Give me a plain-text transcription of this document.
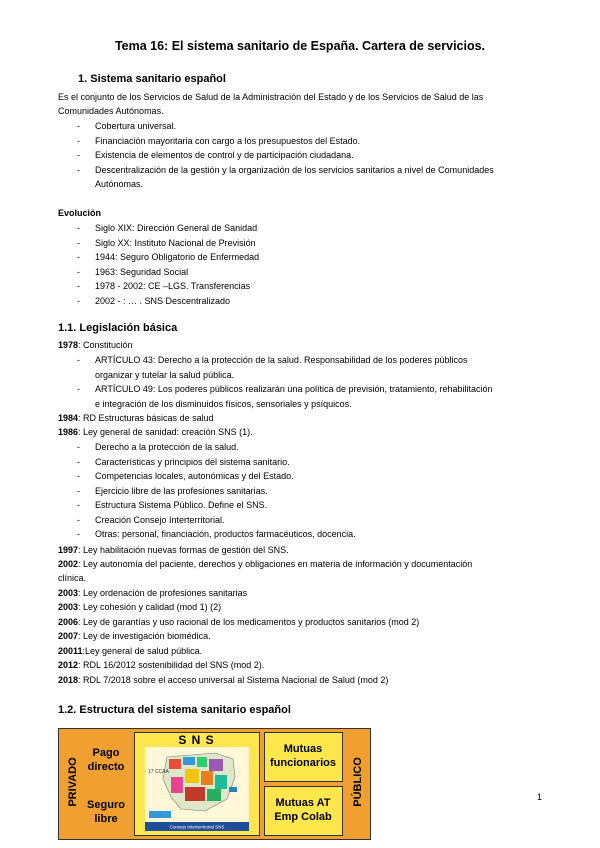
Tema 16: El sistema sanitario de España. Cartera de servicios.
1. Sistema sanitario español
Es el conjunto de los Servicios de Salud de la Administración del Estado y de los Servicios de Salud de las
Comunidades Autónomas.
- Cobertura universal.
- Financiación mayoritaria con cargo a los presupuestos del Estado.
- Existencia de elementos de control y de participación ciudadana.
- Descentralización de la gestión y la organización de los servicios sanitarios a nivel de Comunidades
Autónomas.
Evolución
- Siglo XIX: Dirección General de Sanidad
- Siglo XX: Instituto Nacional de Previsión
- 1944: Seguro Obligatorio de Enfermedad
- 1963: Seguridad Social
- 1978 - 2002: CE –LGS. Transferencias
- 2002 - : … . SNS Descentralizado
1.1. Legislación básica
1978: Constitución
- ARTÍCULO 43: Derecho a la protección de la salud. Responsabilidad de los poderes públicos
organizar y tutelar la salud pública.
- ARTÍCULO 49: Los poderes públicos realizarán una política de previsión, tratamiento, rehabilitación
e integración de los disminuidos físicos, sensoriales y psíquicos.
1984: RD Estructuras básicas de salud
1986: Ley general de sanidad: creación SNS (1).
- Derecho a la protección de la salud.
- Características y principios del sistema sanitario.
- Competencias locales, autonómicas y del Estado.
- Ejercicio libre de las profesiones sanitarias.
- Estructura Sistema Público. Define el SNS.
- Creación Consejo Interterritorial.
- Otras: personal, financiación, productos farmacéuticos, docencia.
1997: Ley habilitación nuevas formas de gestión del SNS.
2002: Ley autonomía del paciente, derechos y obligaciones en materia de información y documentación
clínica.
2003: Ley ordenación de profesiones sanitarias
2003: Ley cohesión y calidad (mod 1) (2)
2006: Ley de garantías y uso racional de los medicamentos y productos sanitarios (mod 2)
2007: Ley de investigación biomédica.
20011:Ley general de salud pública.
2012: RDL 16/2012 sostenibilidad del SNS (mod 2).
2018: RDL 7/2018 sobre el acceso universal al Sistema Nacional de Salud (mod 2)
1.2. Estructura del sistema sanitario español
PRIVADO	PÚBLICO
Pago
directo
Seguro
libre
S N S
17 CCAA
Consejo Interterritorial SNS
Mutuas
funcionarios
Mutuas AT
Emp Colab
1
